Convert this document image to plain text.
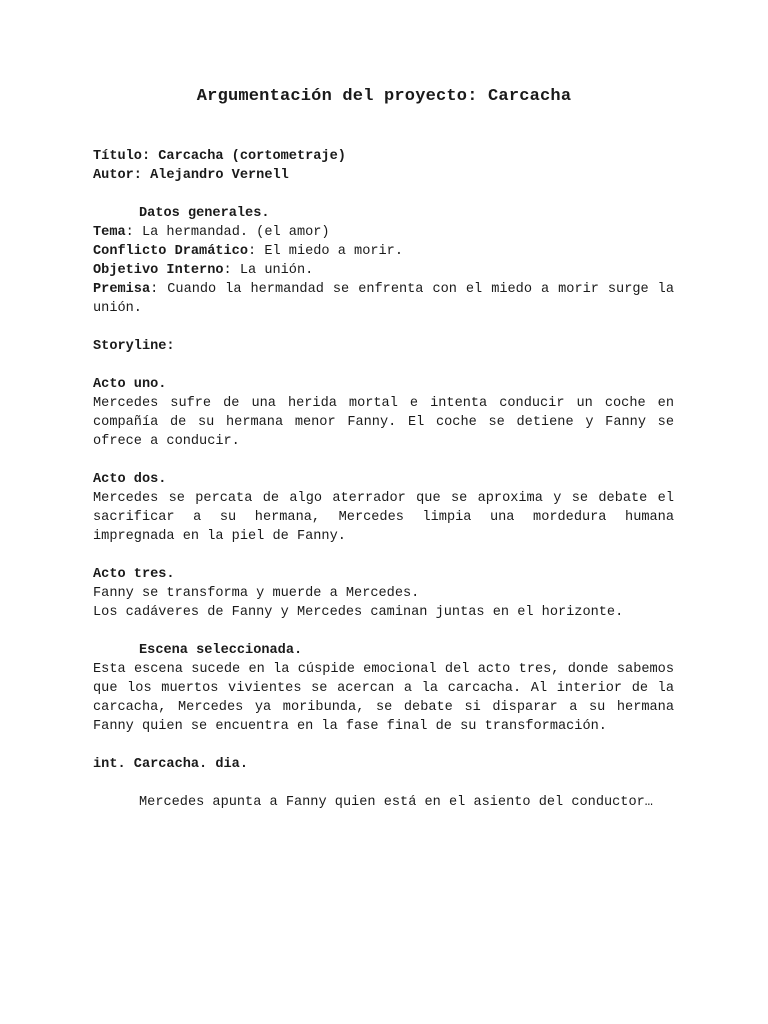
Argumentación del proyecto: Carcacha
Título: Carcacha (cortometraje)
Autor: Alejandro Vernell
Datos generales.
Tema: La hermandad. (el amor)
Conflicto Dramático: El miedo a morir.
Objetivo Interno: La unión.
Premisa: Cuando la hermandad se enfrenta con el miedo a morir surge la unión.
Storyline:
Acto uno.
Mercedes sufre de una herida mortal e intenta conducir un coche en compañía de su hermana menor Fanny. El coche se detiene y Fanny se ofrece a conducir.
Acto dos.
Mercedes se percata de algo aterrador que se aproxima y se debate el sacrificar a su hermana, Mercedes limpia una mordedura humana impregnada en la piel de Fanny.
Acto tres.
Fanny se transforma y muerde a Mercedes.
Los cadáveres de Fanny y Mercedes caminan juntas en el horizonte.
Escena seleccionada.
Esta escena sucede en la cúspide emocional del acto tres, donde sabemos que los muertos vivientes se acercan a la carcacha. Al interior de la carcacha, Mercedes ya moribunda, se debate si disparar a su hermana Fanny quien se encuentra en la fase final de su transformación.
int. Carcacha. dia.
Mercedes apunta a Fanny quien está en el asiento del conductor…
